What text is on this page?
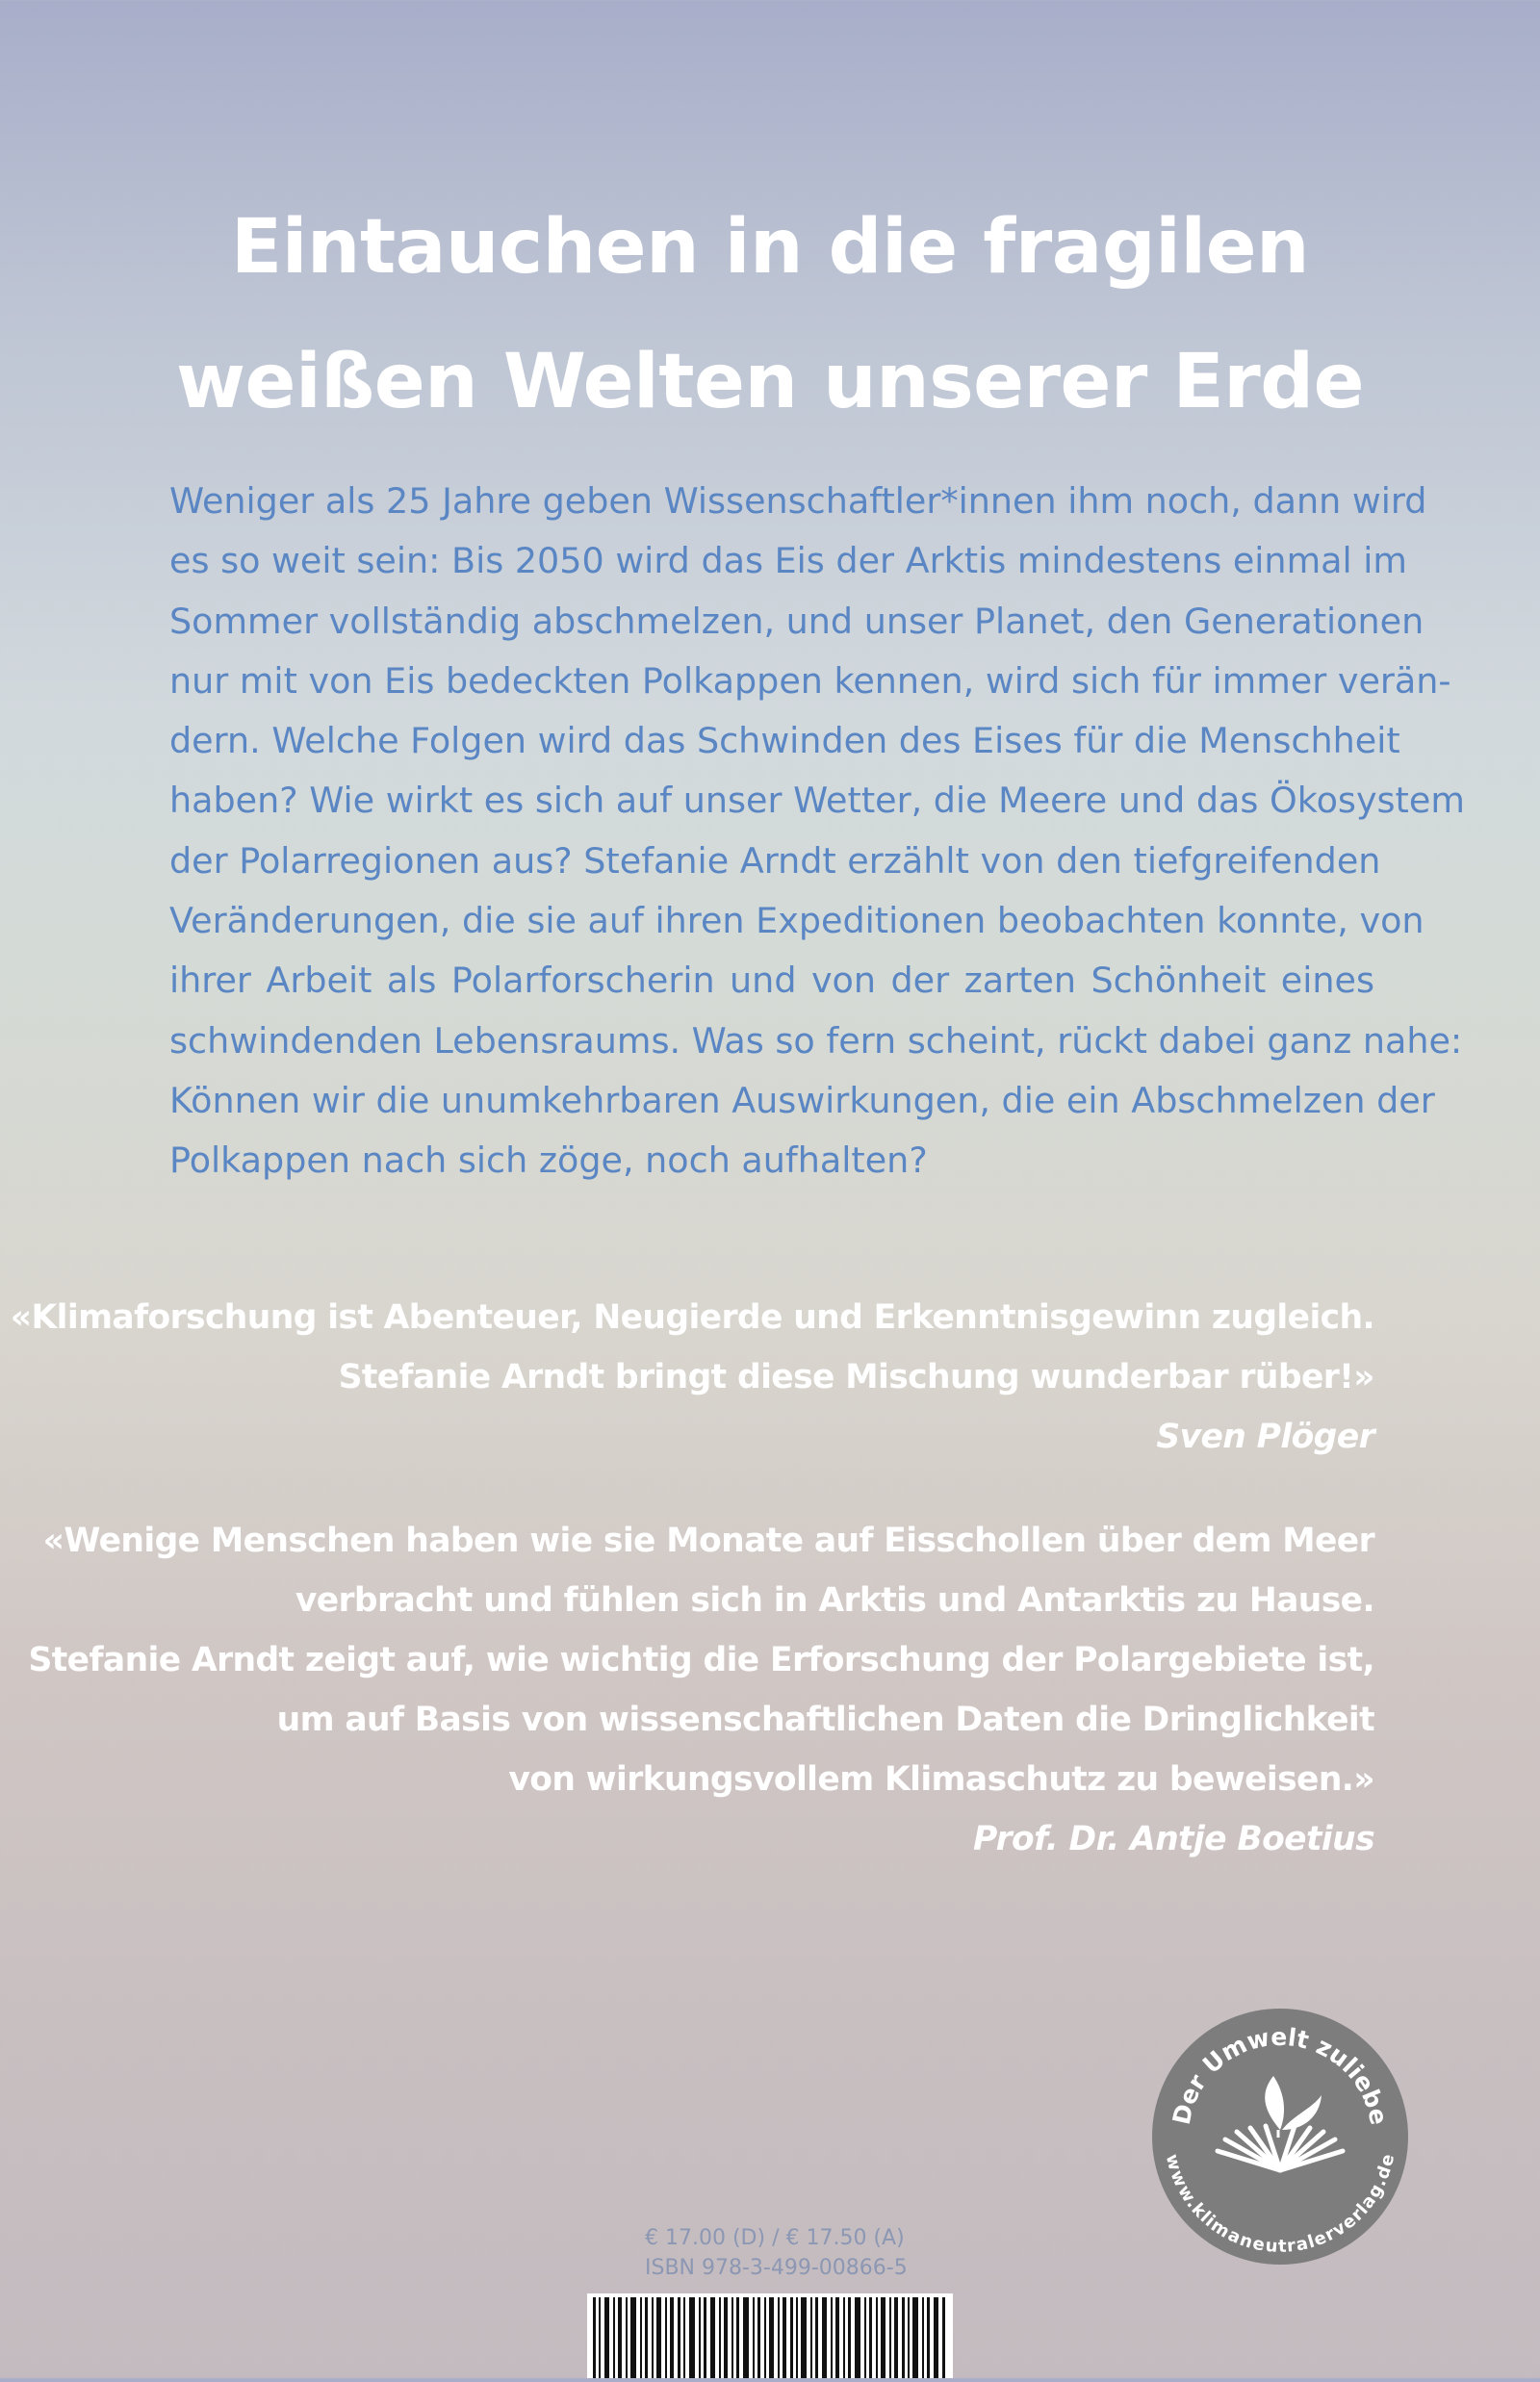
Eintauchen in die fragilen
weißen Welten unserer Erde
Weniger als 25 Jahre geben Wissenschaftler*innen ihm noch, dann wird
es so weit sein: Bis 2050 wird das Eis der Arktis mindestens einmal im
Sommer vollständig abschmelzen, und unser Planet, den Generationen
nur mit von Eis bedeckten Polkappen kennen, wird sich für immer verän-
dern. Welche Folgen wird das Schwinden des Eises für die Menschheit
haben? Wie wirkt es sich auf unser Wetter, die Meere und das Ökosystem
der Polarregionen aus? Stefanie Arndt erzählt von den tiefgreifenden
Veränderungen, die sie auf ihren Expeditionen beobachten konnte, von
ihrer Arbeit als Polarforscherin und von der zarten Schönheit eines
schwindenden Lebensraums. Was so fern scheint, rückt dabei ganz nahe:
Können wir die unumkehrbaren Auswirkungen, die ein Abschmelzen der
Polkappen nach sich zöge, noch aufhalten?
«Klimaforschung ist Abenteuer, Neugierde und Erkenntnisgewinn zugleich.
Stefanie Arndt bringt diese Mischung wunderbar rüber!»
Sven Plöger
«Wenige Menschen haben wie sie Monate auf Eisschollen über dem Meer
verbracht und fühlen sich in Arktis und Antarktis zu Hause.
Stefanie Arndt zeigt auf, wie wichtig die Erforschung der Polargebiete ist,
um auf Basis von wissenschaftlichen Daten die Dringlichkeit
von wirkungsvollem Klimaschutz zu beweisen.»
Prof. Dr. Antje Boetius
Der Umwelt zuliebe
www.klimaneutralerverlag.de
€ 17.00 (D) / € 17.50 (A)
ISBN 978-3-499-00866-5
